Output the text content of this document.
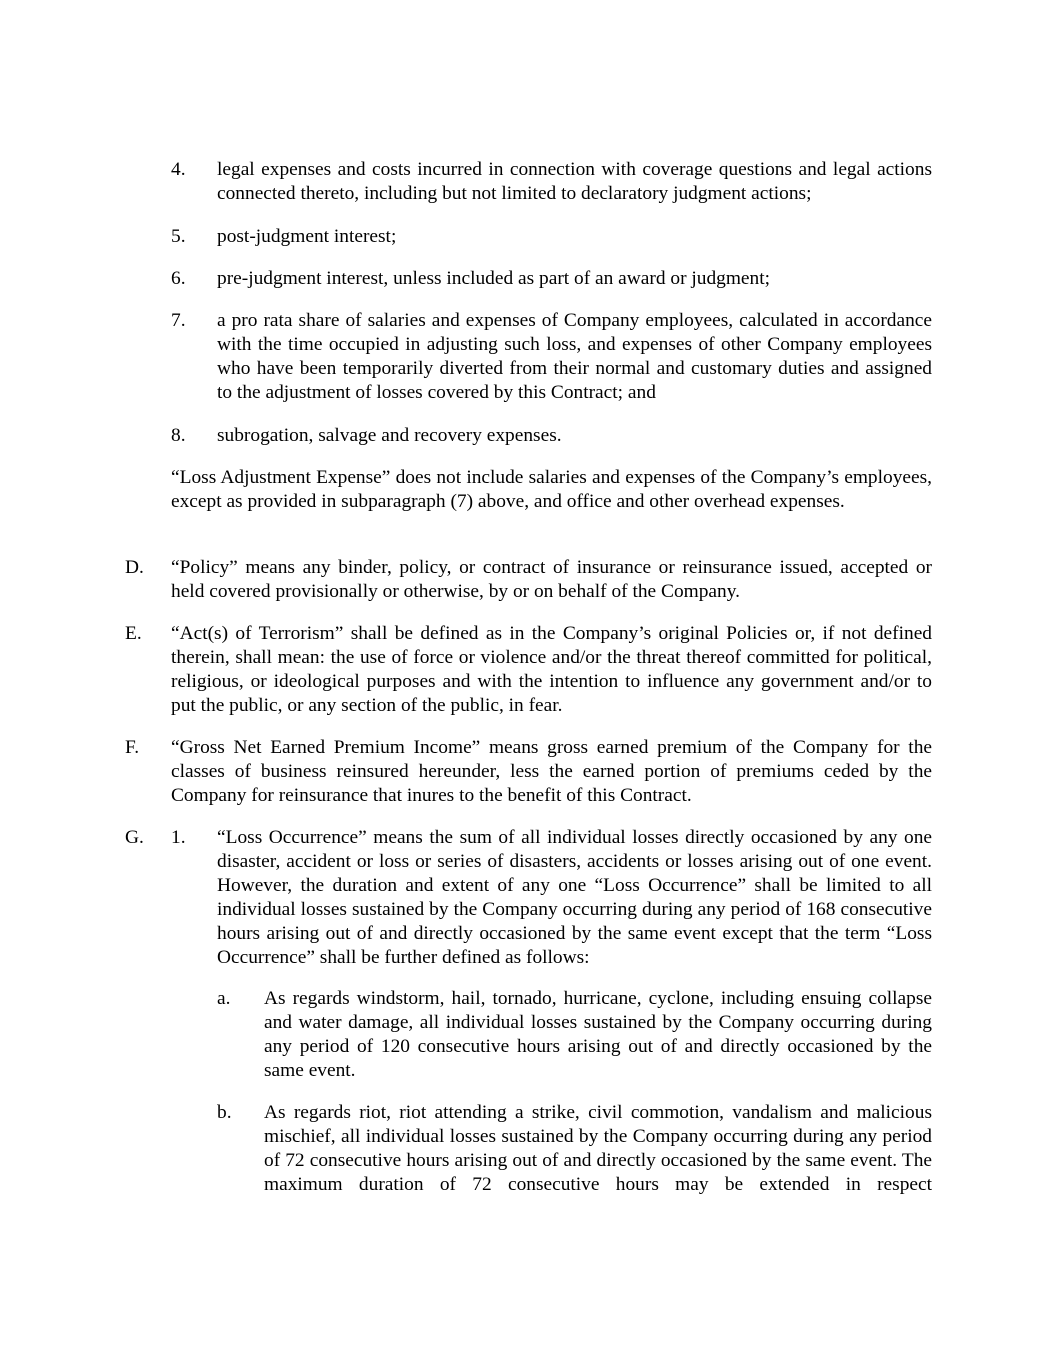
4. legal expenses and costs incurred in connection with coverage questions and legal actions connected thereto, including but not limited to declaratory judgment actions;
5. post-judgment interest;
6. pre-judgment interest, unless included as part of an award or judgment;
7. a pro rata share of salaries and expenses of Company employees, calculated in accordance with the time occupied in adjusting such loss, and expenses of other Company employees who have been temporarily diverted from their normal and customary duties and assigned to the adjustment of losses covered by this Contract; and
8. subrogation, salvage and recovery expenses.
“Loss Adjustment Expense” does not include salaries and expenses of the Company’s employees, except as provided in subparagraph (7) above, and office and other overhead expenses.
D. “Policy” means any binder, policy, or contract of insurance or reinsurance issued, accepted or held covered provisionally or otherwise, by or on behalf of the Company.
E. “Act(s) of Terrorism” shall be defined as in the Company’s original Policies or, if not defined therein, shall mean: the use of force or violence and/or the threat thereof committed for political, religious, or ideological purposes and with the intention to influence any government and/or to put the public, or any section of the public, in fear.
F. “Gross Net Earned Premium Income” means gross earned premium of the Company for the classes of business reinsured hereunder, less the earned portion of premiums ceded by the Company for reinsurance that inures to the benefit of this Contract.
G. 1. “Loss Occurrence” means the sum of all individual losses directly occasioned by any one disaster, accident or loss or series of disasters, accidents or losses arising out of one event. However, the duration and extent of any one “Loss Occurrence” shall be limited to all individual losses sustained by the Company occurring during any period of 168 consecutive hours arising out of and directly occasioned by the same event except that the term “Loss Occurrence” shall be further defined as follows:
a. As regards windstorm, hail, tornado, hurricane, cyclone, including ensuing collapse and water damage, all individual losses sustained by the Company occurring during any period of 120 consecutive hours arising out of and directly occasioned by the same event.
b. As regards riot, riot attending a strike, civil commotion, vandalism and malicious mischief, all individual losses sustained by the Company occurring during any period of 72 consecutive hours arising out of and directly occasioned by the same event. The maximum duration of 72 consecutive hours may be extended in respect
